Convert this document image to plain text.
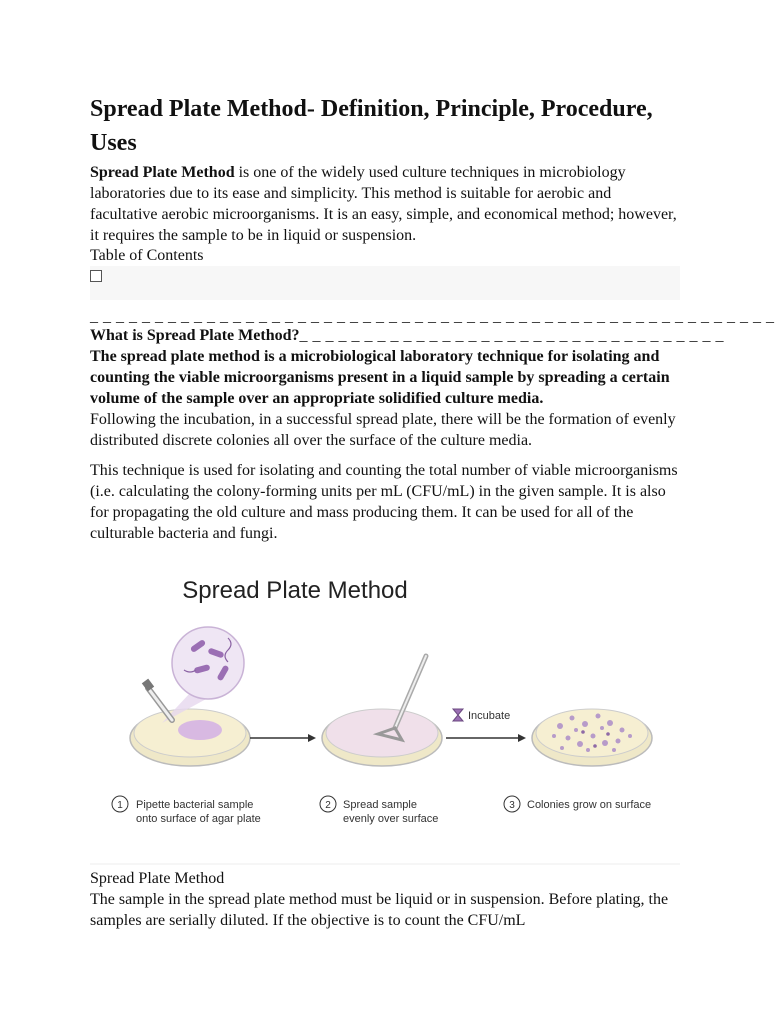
Spread Plate Method- Definition, Principle, Procedure, Uses

Spread Plate Method is one of the widely used culture techniques in microbiology laboratories due to its ease and simplicity. This method is suitable for aerobic and facultative aerobic microorganisms. It is an easy, simple, and economical method; however, it requires the sample to be in liquid or suspension.

Table of Contents
_ _ _ _ _ _ _ _ _ _ _ _ _ _ _ _ _ _ _ _ _ _ _ _ _ _ _ _ _ _ _ _ _ _ _ _ _ _ _ _ _ _ _ _ _ _ _ _ _ _ _ _ _
What is Spread Plate Method?_ _ _ _ _ _ _ _ _ _ _ _ _ _ _ _ _ _ _ _ _ _ _ _ _ _ _ _ _ _ _ _ _

The spread plate method is a microbiological laboratory technique for isolating and counting the viable microorganisms present in a liquid sample by spreading a certain volume of the sample over an appropriate solidified culture media.

Following the incubation, in a successful spread plate, there will be the formation of evenly distributed discrete colonies all over the surface of the culture media.

This technique is used for isolating and counting the total number of viable microorganisms (i.e. calculating the colony-forming units per mL (CFU/mL) in the given sample. It is also for propagating the old culture and mass producing them. It can be used for all of the culturable bacteria and fungi.

Spread Plate Method
Incubate
1 Pipette bacterial sample
onto surface of agar plate
2 Spread sample
evenly over surface
3 Colonies grow on surface

Spread Plate Method

The sample in the spread plate method must be liquid or in suspension. Before plating, the samples are serially diluted. If the objective is to count the CFU/mL
